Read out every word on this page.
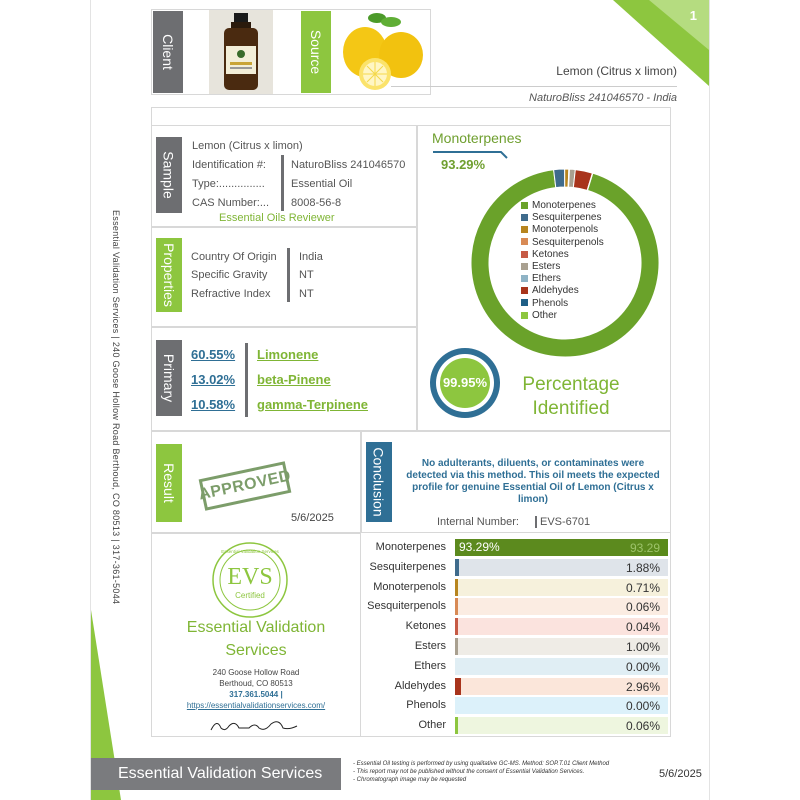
1
Client	Source	Lemon (Citrus x limon)
NaturoBliss 241046570 - India
Essential Validation Services | 240 Goose Hollow Road Berthoud, CO 80513 | 317-361-5044
Sample
Lemon (Citrus x limon)
Identification #: NaturoBliss 241046570
Type:............... Essential Oil
CAS Number:... 8008-56-8
Essential Oils Reviewer
Properties Country Of Origin India
Specific Gravity	NT
Refractive Index	NT
Primary 60.55% Limonene
13.02% beta-Pinene
10.58% gamma-Terpinene
Monoterpenes
93.29%
Monoterpenes
Sesquiterpenes
Monoterpenols
Sesquiterpenols
Ketones
Esters
Ethers
Aldehydes
Phenols
Other
99.95%	Percentage
Identified
Result APPROVED
5/6/2025
Conclusion	No adulterants, diluents, or contaminates were detected via this method. This oil meets the expected profile for genuine Essential Oil of Lemon (Citrus x limon)
Internal Number:	EVS-6701
EVS
Certified
Essential Validation Services
Essential Validation
Services
240 Goose Hollow Road
Berthoud, CO 80513
317.361.5044 |
https://essentialvalidationservices.com/
Monoterpenes 93.29%	93.29
Sesquiterpenes	1.88%
Monoterpenols	0.71%
Sesquiterpenols	0.06%
Ketones	0.04%
Esters	1.00%
Ethers	0.00%
Aldehydes	2.96%
Phenols	0.00%
Other	0.06%
Essential Validation Services
- Essential Oil testing is performed by using qualitative GC-MS. Method: SOP.T.01 Client Method
- This report may not be published without the consent of Essential Validation Services.
- Chromatograph image may be requested	5/6/2025
